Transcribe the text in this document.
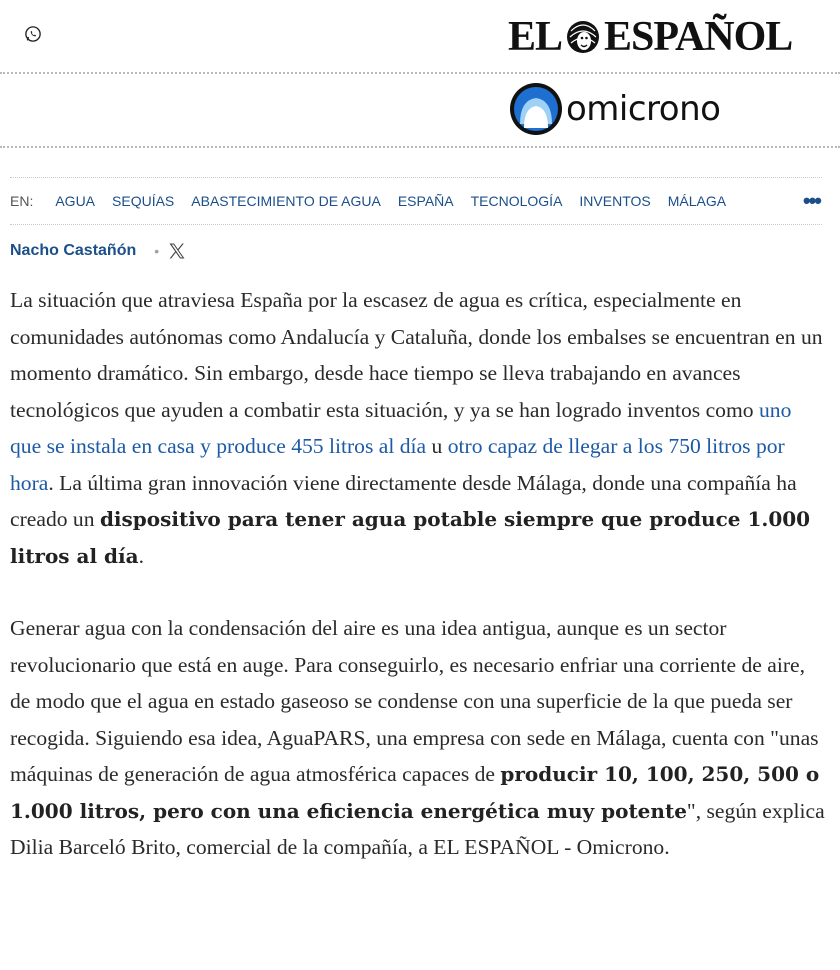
EL ESPAÑOL
omicrono
EN: AGUA SEQUÍAS ABASTECIMIENTO DE AGUA ESPAÑA TECNOLOGÍA INVENTOS MÁLAGA	•••
Nacho Castañón •

La situación que atraviesa España por la escasez de agua es crítica, especialmente en comunidades autónomas como Andalucía y Cataluña, donde los embalses se encuentran en un momento dramático. Sin embargo, desde hace tiempo se lleva trabajando en avances tecnológicos que ayuden a combatir esta situación, y ya se han logrado inventos como uno que se instala en casa y produce 455 litros al día u otro capaz de llegar a los 750 litros por hora. La última gran innovación viene directamente desde Málaga, donde una compañía ha creado un dispositivo para tener agua potable siempre que produce 1.000 litros al día.

Generar agua con la condensación del aire es una idea antigua, aunque es un sector revolucionario que está en auge. Para conseguirlo, es necesario enfriar una corriente de aire, de modo que el agua en estado gaseoso se condense con una superficie de la que pueda ser recogida. Siguiendo esa idea, AguaPARS, una empresa con sede en Málaga, cuenta con "unas máquinas de generación de agua atmosférica capaces de producir 10, 100, 250, 500 o 1.000 litros, pero con una eficiencia energética muy potente", según explica Dilia Barceló Brito, comercial de la compañía, a EL ESPAÑOL - Omicrono.
